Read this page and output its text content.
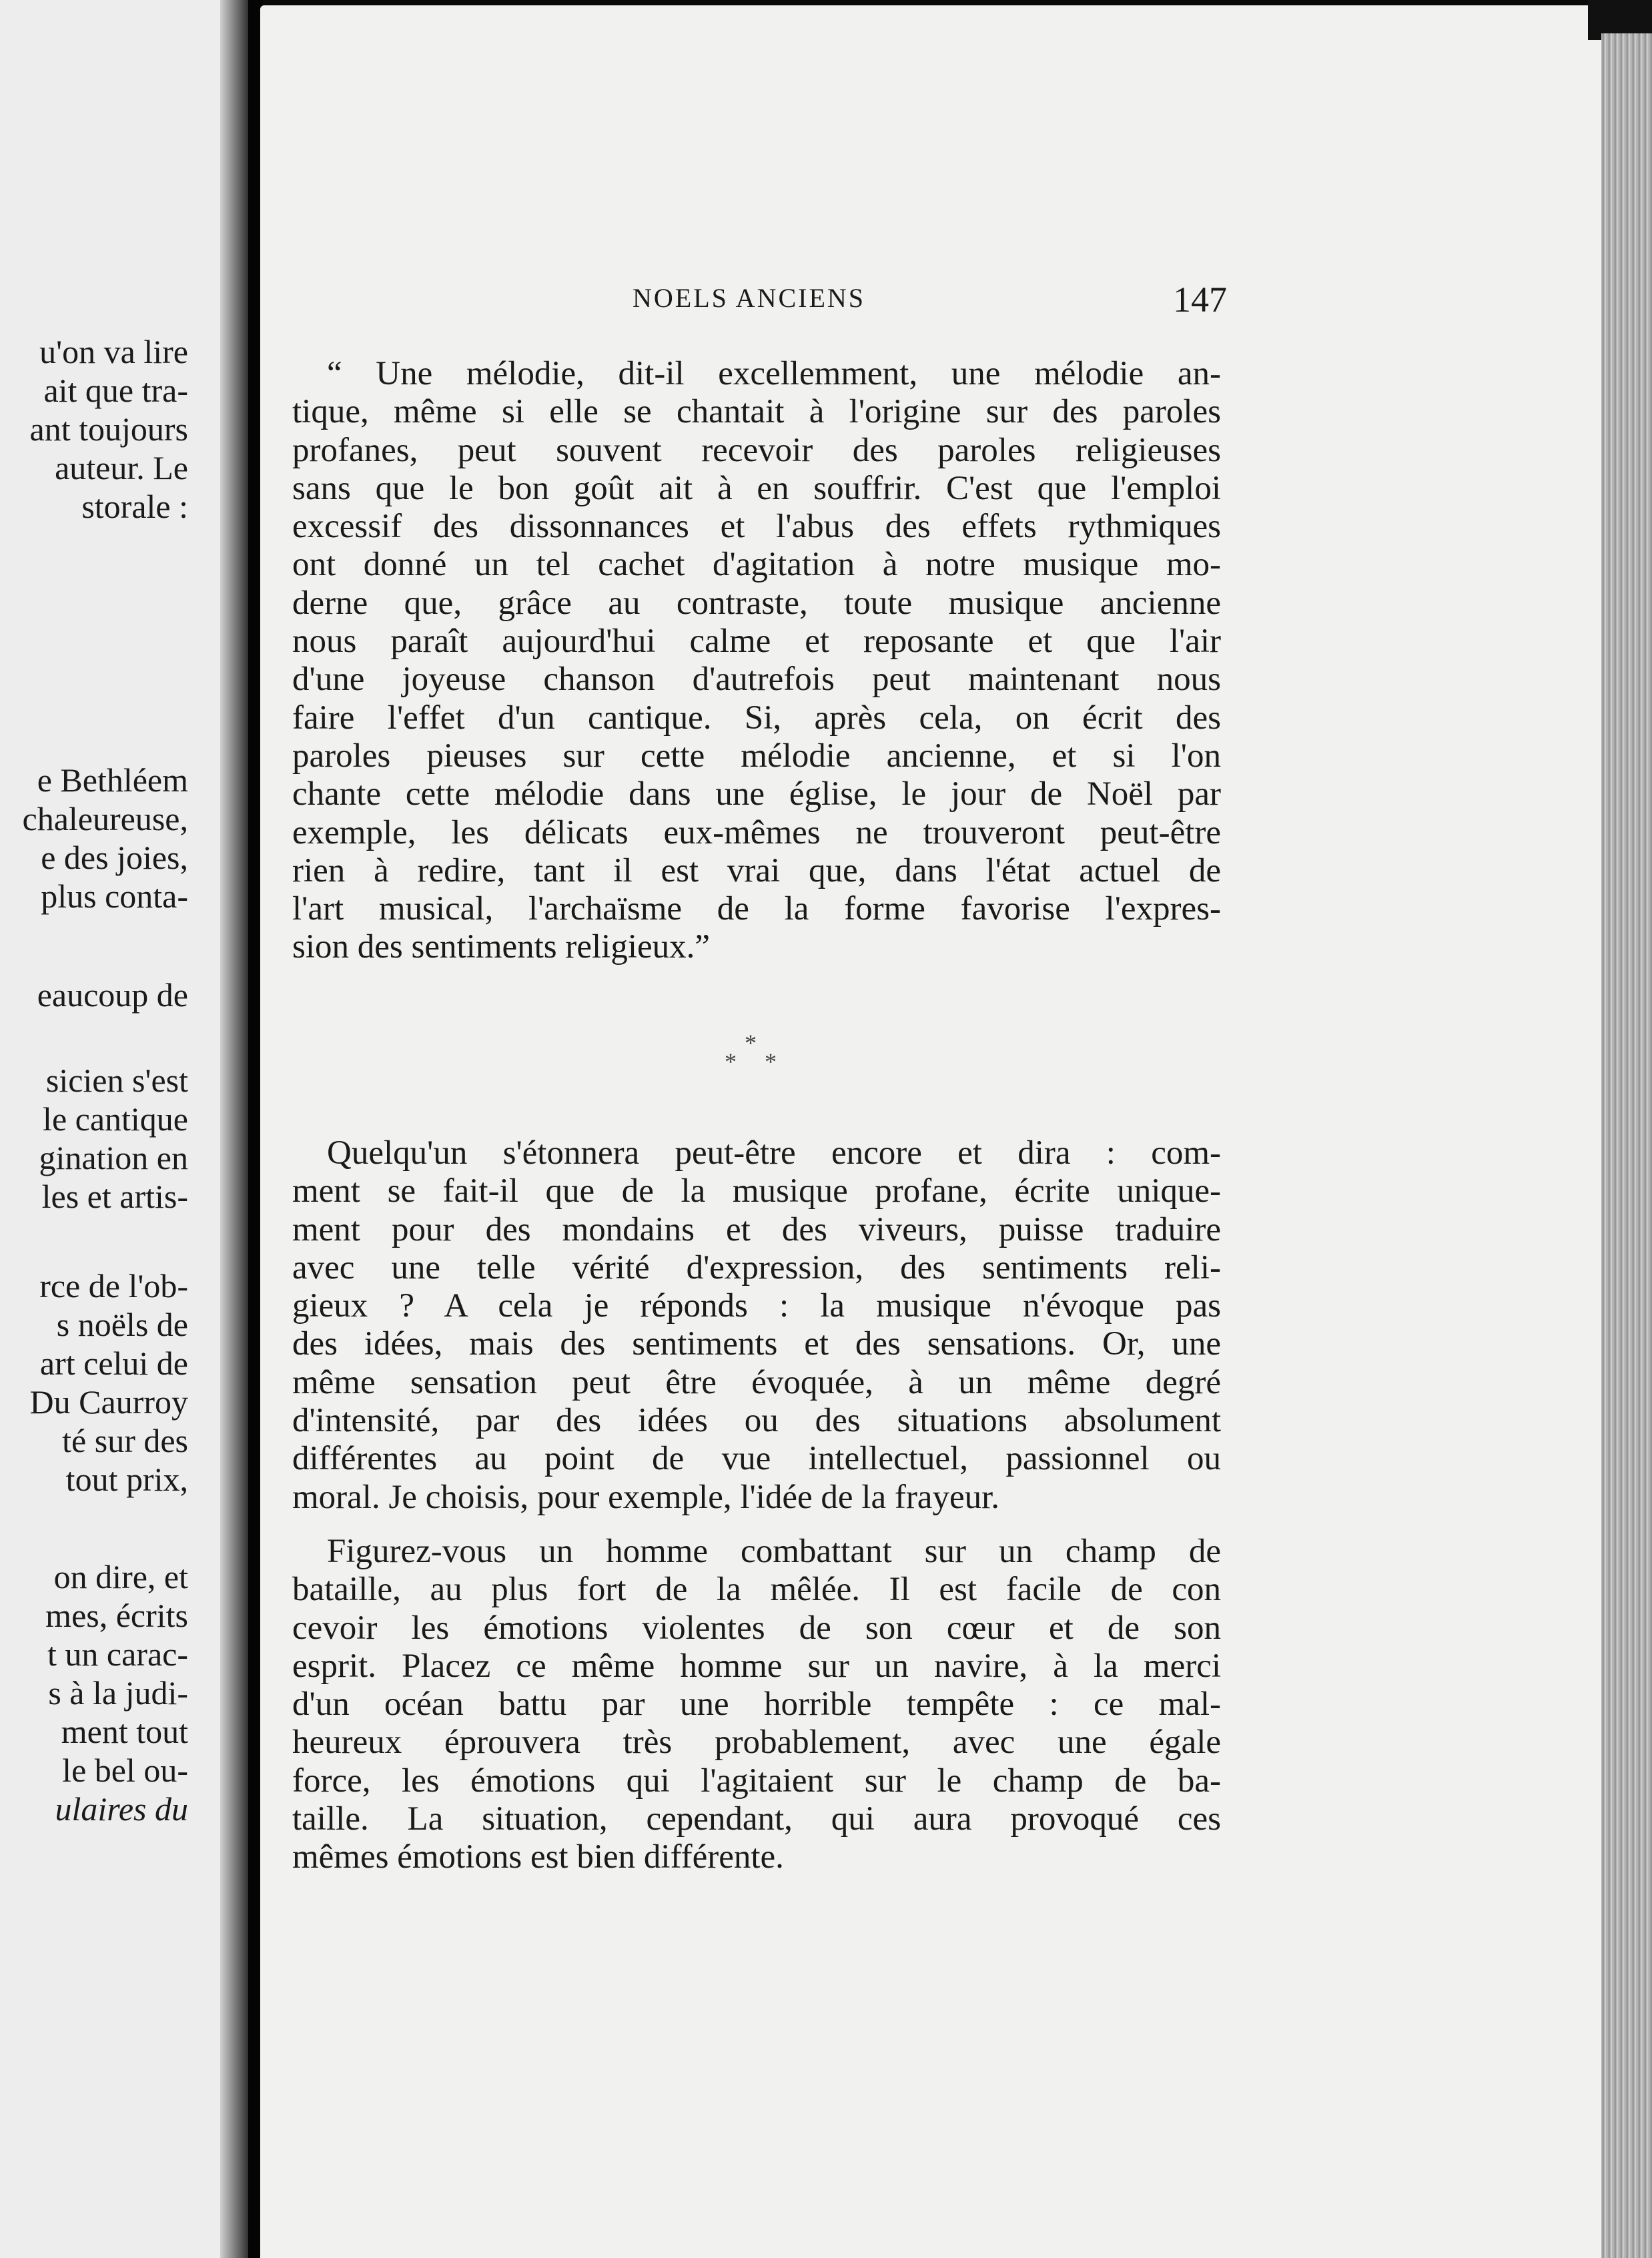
u'on va lire
ait que tra-
ant toujours
auteur. Le
storale :
e Bethléem
chaleureuse,
e des joies,
plus conta-
eaucoup de
sicien s'est
le cantique
gination en
les et artis-
rce de l'ob-
s noëls de
art celui de
Du Caurroy
té sur des
tout prix,
on dire, et
mes, écrits
t un carac-
s à la judi-
ment tout
le bel ou-
ulaires du
NOELS ANCIENS	147
“ Une mélodie, dit-il excellemment, une mélodie an-
tique, même si elle se chantait à l'origine sur des paroles
profanes, peut souvent recevoir des paroles religieuses
sans que le bon goût ait à en souffrir. C'est que l'emploi
excessif des dissonnances et l'abus des effets rythmiques
ont donné un tel cachet d'agitation à notre musique mo-
derne que, grâce au contraste, toute musique ancienne
nous paraît aujourd'hui calme et reposante et que l'air
d'une joyeuse chanson d'autrefois peut maintenant nous
faire l'effet d'un cantique. Si, après cela, on écrit des
paroles pieuses sur cette mélodie ancienne, et si l'on
chante cette mélodie dans une église, le jour de Noël par
exemple, les délicats eux-mêmes ne trouveront peut-être
rien à redire, tant il est vrai que, dans l'état actuel de
l'art musical, l'archaïsme de la forme favorise l'expres-
sion des sentiments religieux.”
*
* *
Quelqu'un s'étonnera peut-être encore et dira : com-
ment se fait-il que de la musique profane, écrite unique-
ment pour des mondains et des viveurs, puisse traduire
avec une telle vérité d'expression, des sentiments reli-
gieux ? A cela je réponds : la musique n'évoque pas
des idées, mais des sentiments et des sensations. Or, une
même sensation peut être évoquée, à un même degré
d'intensité, par des idées ou des situations absolument
différentes au point de vue intellectuel, passionnel ou
moral. Je choisis, pour exemple, l'idée de la frayeur.
Figurez-vous un homme combattant sur un champ de
bataille, au plus fort de la mêlée. Il est facile de con
cevoir les émotions violentes de son cœur et de son
esprit. Placez ce même homme sur un navire, à la merci
d'un océan battu par une horrible tempête : ce mal-
heureux éprouvera très probablement, avec une égale
force, les émotions qui l'agitaient sur le champ de ba-
taille. La situation, cependant, qui aura provoqué ces
mêmes émotions est bien différente.
